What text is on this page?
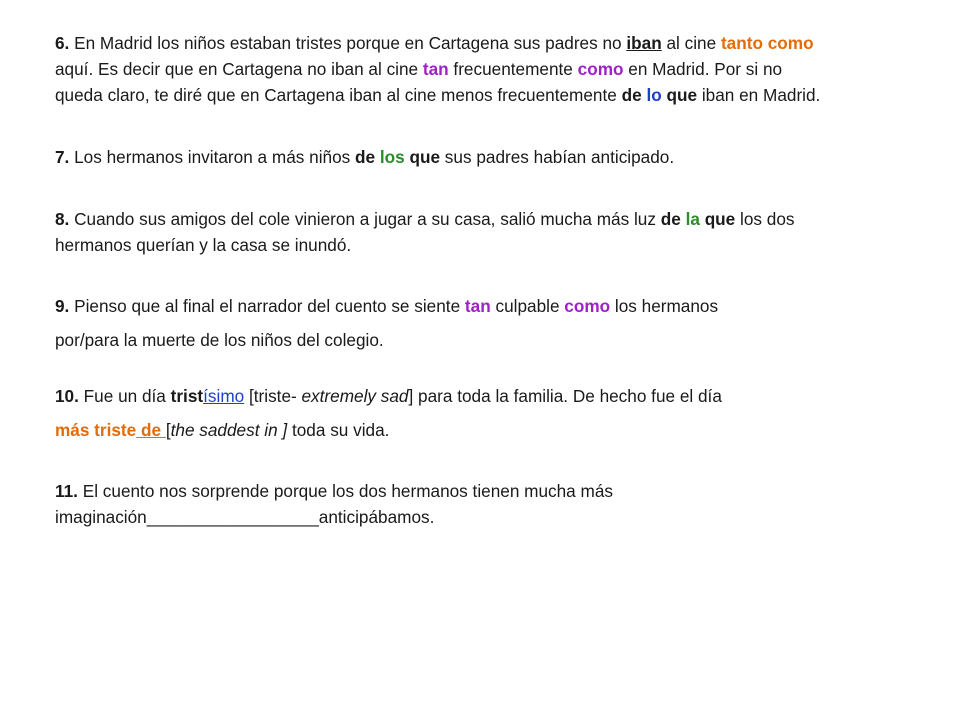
6. En Madrid los niños estaban tristes porque en Cartagena sus padres no iban al cine tanto como
aquí. Es decir que en Cartagena no iban al cine tan frecuentemente como en Madrid. Por si no
queda claro, te diré que en Cartagena iban al cine menos frecuentemente de lo que iban en Madrid.

7. Los hermanos invitaron a más niños de los que sus padres habían anticipado.

8. Cuando sus amigos del cole vinieron a jugar a su casa, salió mucha más luz de la que los dos
hermanos querían y la casa se inundó.

9. Pienso que al final el narrador del cuento se siente tan culpable como los hermanos
por/para la muerte de los niños del colegio.

10. Fue un día tristísimo [triste- extremely sad] para toda la familia. De hecho fue el día
más triste de [the saddest in ] toda su vida.

11. El cuento nos sorprende porque los dos hermanos tienen mucha más
imaginación__________________anticipábamos.
